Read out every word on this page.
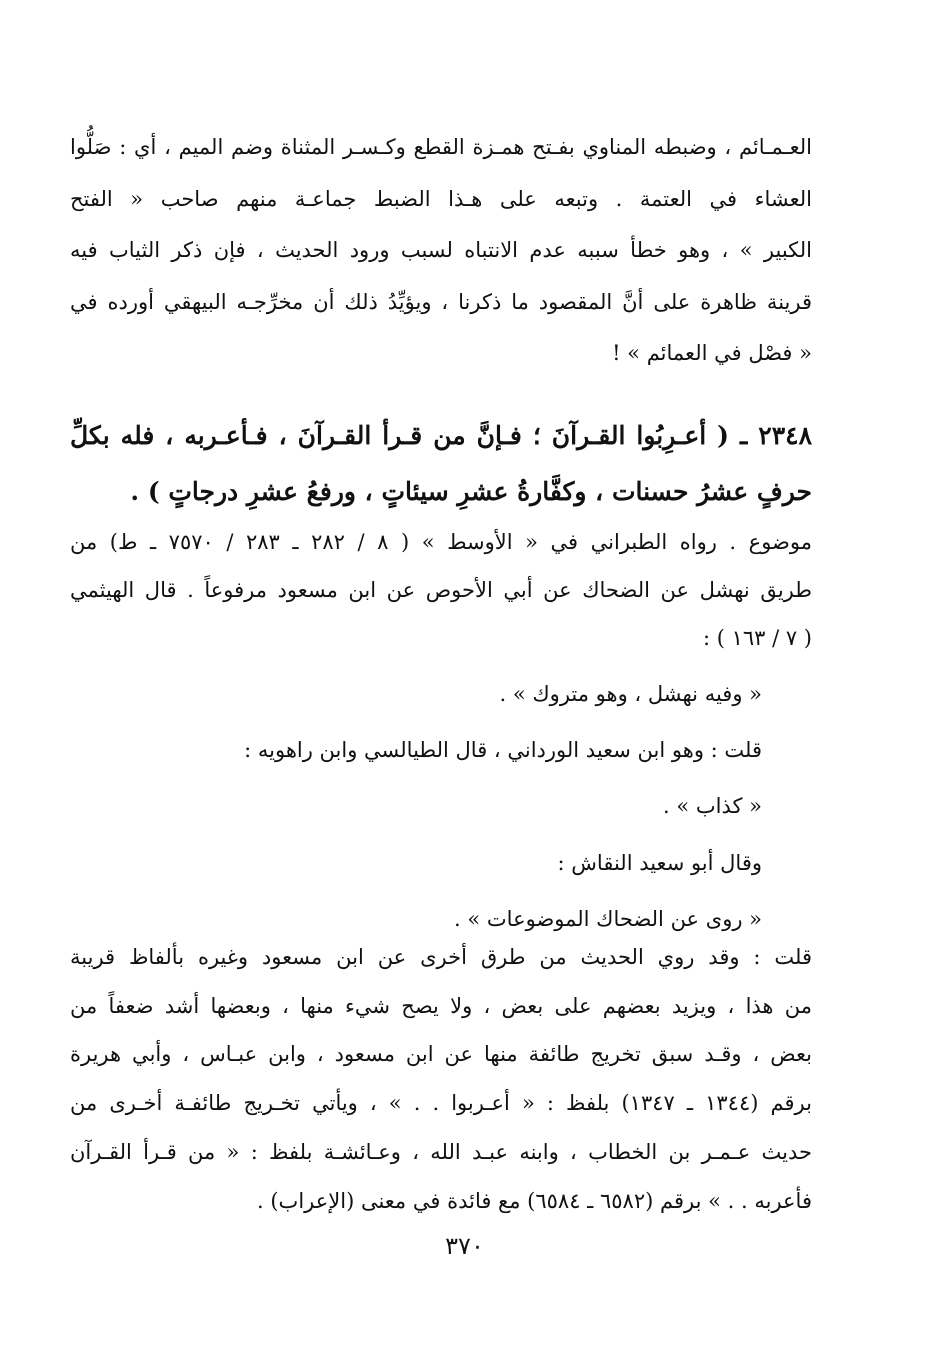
العـمـائم ، وضبطه المناوي بفـتح همـزة القطع وكـسـر المثناة وضم الميم ، أي : صَلُّوا
العشاء في العتمة . وتبعه على هـذا الضبط جماعـة منهم صاحب « الفتح
الكبير » ، وهو خطأ سببه عدم الانتباه لسبب ورود الحديث ، فإن ذكر الثياب فيه
قرينة ظاهرة على أنَّ المقصود ما ذكرنا ، ويؤيِّدُ ذلك أن مخرِّجـه البيهقي أورده في
« فصْل في العمائم » !
٢٣٤٨ ـ ( أعـرِبُوا القـرآنَ ؛ فـإنَّ من قـرأ القـرآنَ ، فـأعـربه ، فله بكلِّ
حرفٍ عشرُ حسنات ، وكفَّارةُ عشرِ سيئاتٍ ، ورفعُ عشرِ درجاتٍ ) .
موضوع . رواه الطبراني في « الأوسط » ( ٨ / ٢٨٢ ـ ٢٨٣ / ٧٥٧٠ ـ ط) من
طريق نهشل عن الضحاك عن أبي الأحوص عن ابن مسعود مرفوعاً . قال الهيثمي
( ٧ / ١٦٣ ) :
« وفيه نهشل ، وهو متروك » .
قلت : وهو ابن سعيد الورداني ، قال الطيالسي وابن راهويه :
« كذاب » .
وقال أبو سعيد النقاش :
« روى عن الضحاك الموضوعات » .
قلت : وقد روي الحديث من طرق أخرى عن ابن مسعود وغيره بألفاظ قريبة
من هذا ، ويزيد بعضهم على بعض ، ولا يصح شيء منها ، وبعضها أشد ضعفاً من
بعض ، وقـد سبق تخريج طائفة منها عن ابن مسعود ، وابن عبـاس ، وأبي هريرة
برقم (١٣٤٤ ـ ١٣٤٧) بلفظ : « أعـربوا . . » ، ويأتي تخـريج طائفـة أخـرى من
حديث عـمـر بن الخطاب ، وابنه عبـد الله ، وعـائشـة بلفظ : « من قـرأ القـرآن
فأعربه . . » برقم (٦٥٨٢ ـ ٦٥٨٤) مع فائدة في معنى (الإعراب) .
٣٧٠
